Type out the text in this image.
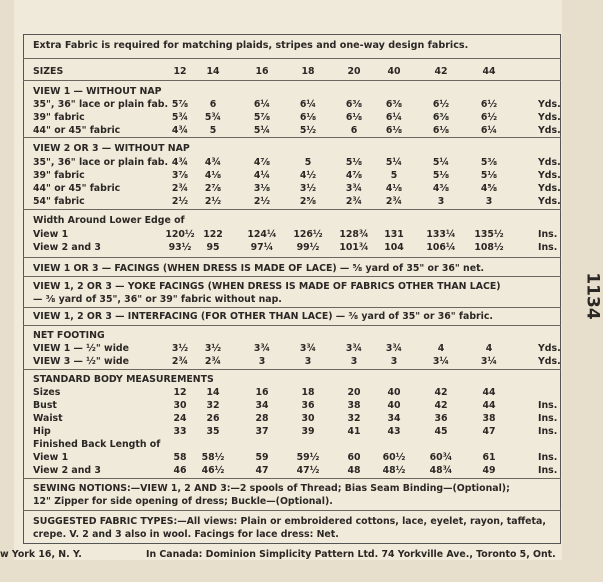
Extra Fabric is required for matching plaids, stripes and one-way design fabrics.
SIZES	12	14	16	18	20	40	42	44
VIEW 1 — WITHOUT NAP
35", 36" lace or plain fab. 5⅞	6	6¼	6¼	6⅜	6⅜	6½	6½	Yds.
39" fabric	5¾	5¾	5⅞	6⅛	6⅛	6¼	6⅜	6½	Yds.
44" or 45" fabric	4¾	5	5¼	5½	6	6⅛	6⅛	6¼	Yds.
VIEW 2 OR 3 — WITHOUT NAP
35", 36" lace or plain fab. 4¾	4¾	4⅞	5	5⅛	5¼	5¼	5⅜	Yds.
39" fabric	3⅞	4⅛	4¼	4½	4⅞	5	5⅛	5⅛	Yds.
44" or 45" fabric	2¾	2⅞	3⅛	3½	3¾	4⅛	4⅜	4⅝	Yds.
54" fabric	2½	2½	2½	2⅝	2¾	2¾	3	3	Yds.
Width Around Lower Edge of
View 1	120½ 122	124¼	126½	128¾	131	133¼	135½	Ins.
View 2 and 3	93½	95	97¼	99½	101¾	104	106¼	108½	Ins.
VIEW 1 OR 3 — FACINGS (WHEN DRESS IS MADE OF LACE) — ⅝ yard of 35" or 36" net.
VIEW 1, 2 OR 3 — YOKE FACINGS (WHEN DRESS IS MADE OF FABRICS OTHER THAN LACE)
— ⅜ yard of 35", 36" or 39" fabric without nap.
VIEW 1, 2 OR 3 — INTERFACING (FOR OTHER THAN LACE) — ⅜ yard of 35" or 36" fabric.
NET FOOTING
VIEW 1 — ½" wide	3½	3½	3¾	3¾	3¾	3¾	4	4	Yds.
VIEW 3 — ½" wide	2¾	2¾	3	3	3	3	3¼	3¼	Yds.
STANDARD BODY MEASUREMENTS
Sizes	12	14	16	18	20	40	42	44
Bust	30	32	34	36	38	40	42	44	Ins.
Waist	24	26	28	30	32	34	36	38	Ins.
Hip	33	35	37	39	41	43	45	47	Ins.
Finished Back Length of
View 1	58	58½	59	59½	60	60½	60¾	61	Ins.
View 2 and 3	46	46½	47	47½	48	48½	48¾	49	Ins.
SEWING NOTIONS:—VIEW 1, 2 AND 3:—2 spools of Thread; Bias Seam Binding—(Optional);
12" Zipper for side opening of dress; Buckle—(Optional).
SUGGESTED FABRIC TYPES:—All views: Plain or embroidered cottons, lace, eyelet, rayon, taffeta,
crepe. V. 2 and 3 also in wool. Facings for lace dress: Net.
1134
w York 16, N. Y.	In Canada: Dominion Simplicity Pattern Ltd. 74 Yorkville Ave., Toronto 5, Ont.
